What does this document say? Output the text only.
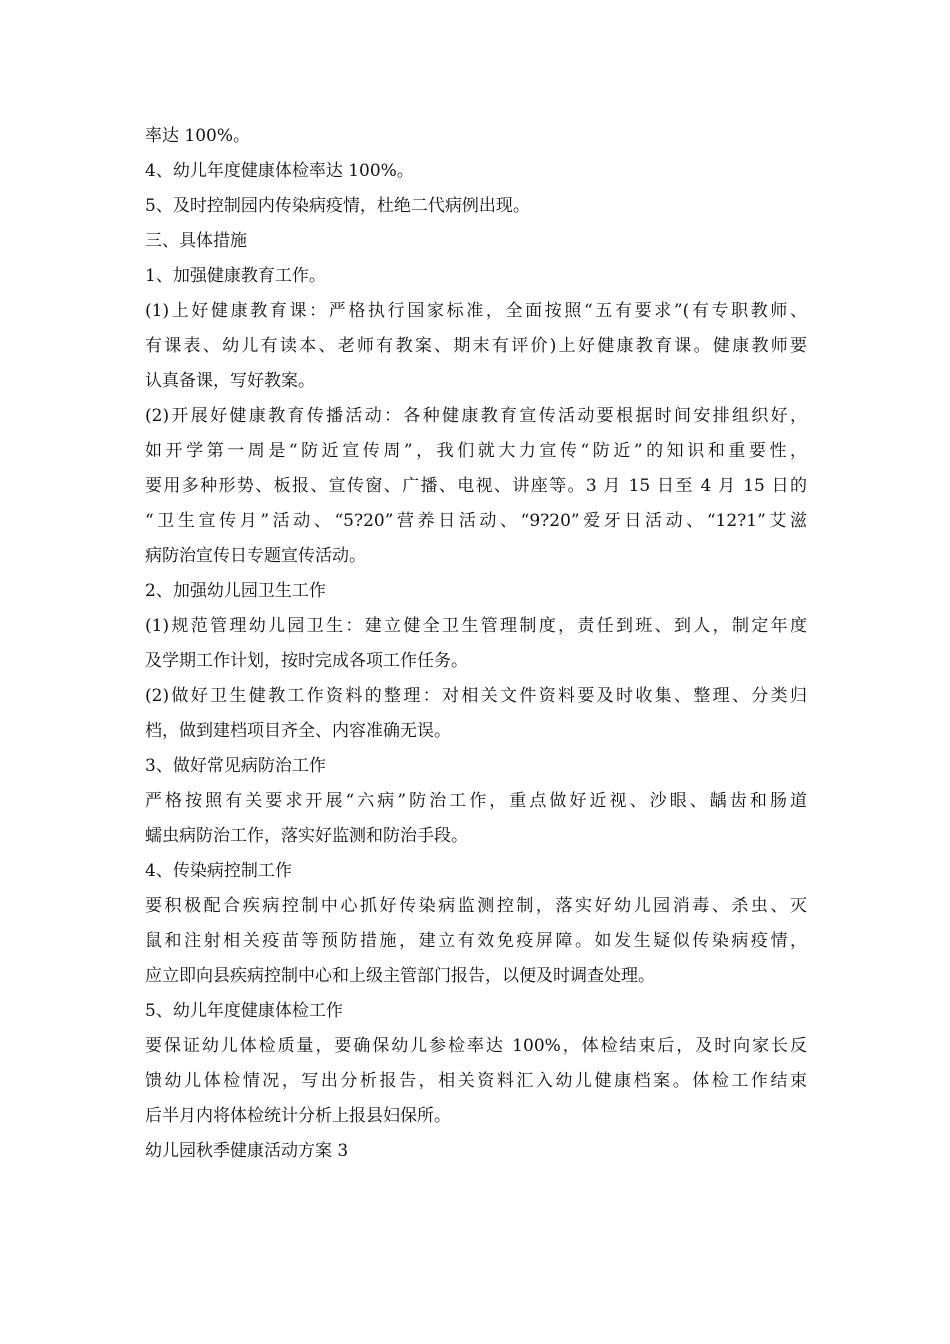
率达 100%。
4、幼儿年度健康体检率达 100%。
5、及时控制园内传染病疫情，杜绝二代病例出现。
三、具体措施
1、加强健康教育工作。
(1)上好健康教育课：严格执行国家标准，全面按照“五有要求”(有专职教师、
有课表、幼儿有读本、老师有教案、期末有评价)上好健康教育课。健康教师要
认真备课，写好教案。
(2)开展好健康教育传播活动：各种健康教育宣传活动要根据时间安排组织好，
如开学第一周是“防近宣传周”，我们就大力宣传“防近”的知识和重要性，
要用多种形势、板报、宣传窗、广播、电视、讲座等。3 月 15 日至 4 月 15 日的
“卫生宣传月”活动、“5?20”营养日活动、“9?20”爱牙日活动、“12?1”艾滋
病防治宣传日专题宣传活动。
2、加强幼儿园卫生工作
(1)规范管理幼儿园卫生：建立健全卫生管理制度，责任到班、到人，制定年度
及学期工作计划，按时完成各项工作任务。
(2)做好卫生健教工作资料的整理：对相关文件资料要及时收集、整理、分类归
档，做到建档项目齐全、内容准确无误。
3、做好常见病防治工作
严格按照有关要求开展“六病”防治工作，重点做好近视、沙眼、龋齿和肠道
蠕虫病防治工作，落实好监测和防治手段。
4、传染病控制工作
要积极配合疾病控制中心抓好传染病监测控制，落实好幼儿园消毒、杀虫、灭
鼠和注射相关疫苗等预防措施，建立有效免疫屏障。如发生疑似传染病疫情，
应立即向县疾病控制中心和上级主管部门报告，以便及时调查处理。
5、幼儿年度健康体检工作
要保证幼儿体检质量，要确保幼儿参检率达 100%，体检结束后，及时向家长反
馈幼儿体检情况，写出分析报告，相关资料汇入幼儿健康档案。体检工作结束
后半月内将体检统计分析上报县妇保所。
幼儿园秋季健康活动方案 3
